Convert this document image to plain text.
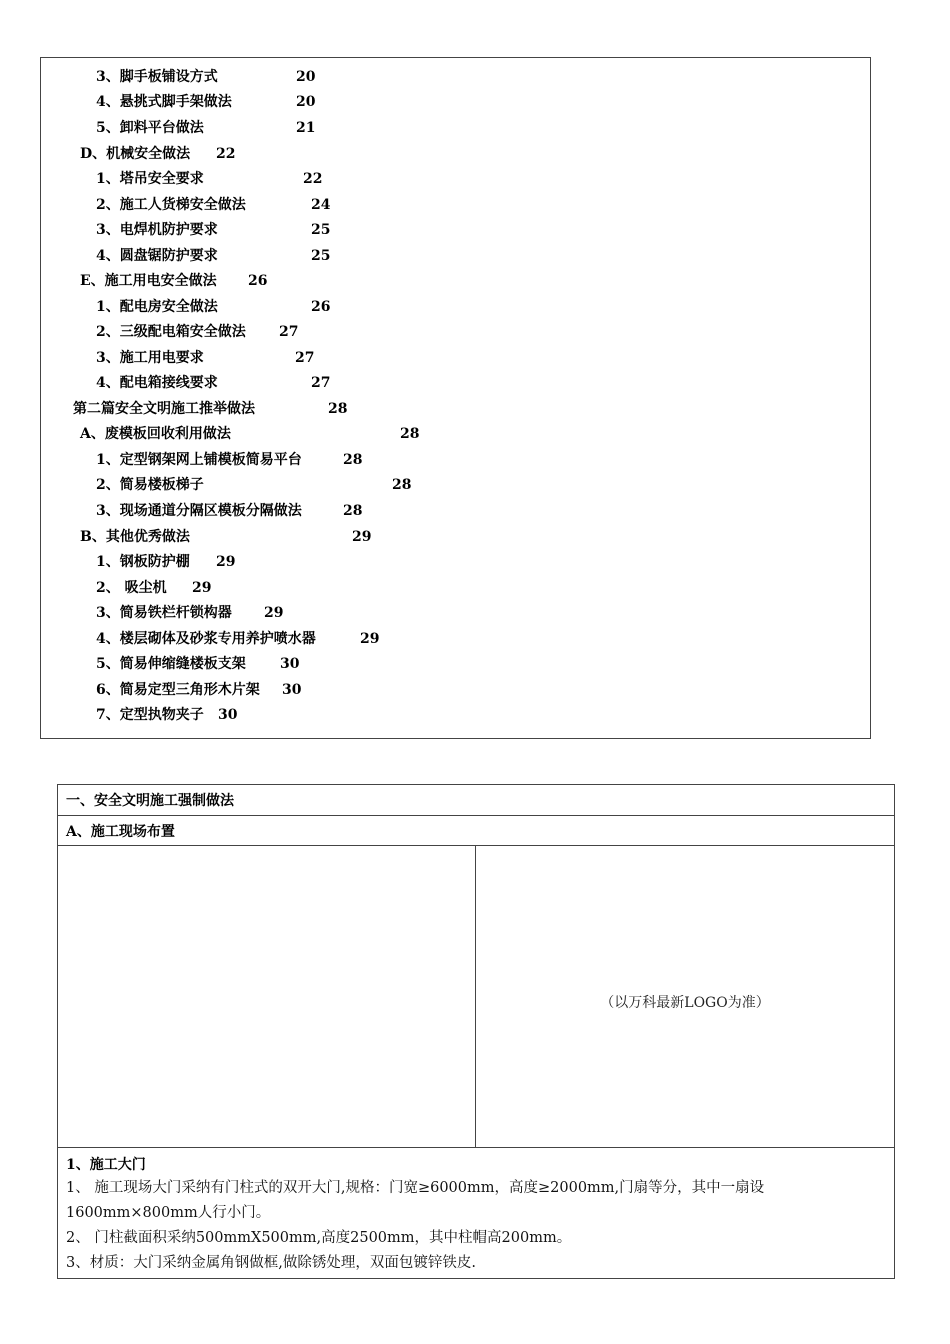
3、脚手板铺设方式	20
4、悬挑式脚手架做法	20
5、卸料平台做法	21
D、机械安全做法 22
1、塔吊安全要求	22
2、施工人货梯安全做法	24
3、电焊机防护要求	25
4、圆盘锯防护要求	25
E、施工用电安全做法 26
1、配电房安全做法	26
2、三级配电箱安全做法 27
3、施工用电要求	27
4、配电箱接线要求	27
第二篇安全文明施工推举做法	28
A、废模板回收利用做法	28
1、定型钢架网上铺模板简易平台	28
2、简易楼板梯子	28
3、现场通道分隔区模板分隔做法	28
B、其他优秀做法	29
1、钢板防护棚 29
2、 吸尘机 29
3、简易铁栏杆锁构器 29
4、楼层砌体及砂浆专用养护喷水器	29
5、简易伸缩缝楼板支架 30
6、简易定型三角形木片架 30
7、定型执物夹子 30
一、安全文明施工强制做法
A、施工现场布置
（以万科最新LOGO为准）
1、施工大门
1、 施工现场大门采纳有门柱式的双开大门,规格：门宽≥6000mm，高度≥2000mm,门扇等分，其中一扇设1600mm×800mm人行小门。
2、 门柱截面积采纳500mmX500mm,高度2500mm，其中柱帽高200mm。
3、材质：大门采纳金属角钢做框,做除锈处理，双面包镀锌铁皮.
